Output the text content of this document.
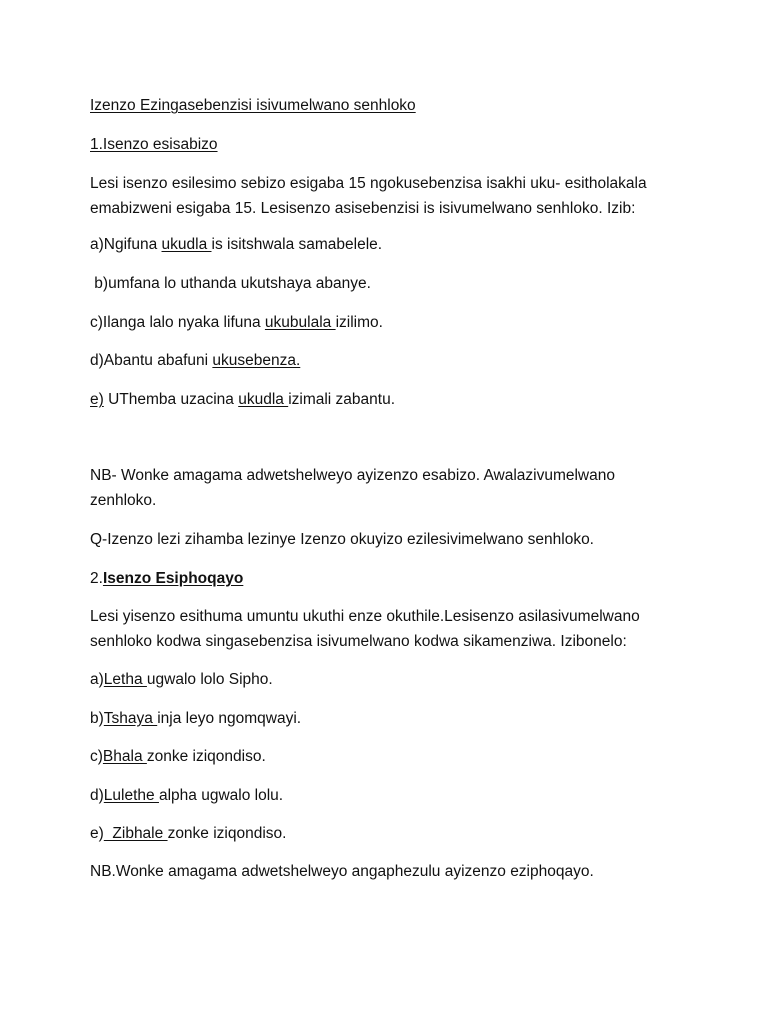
Izenzo Ezingasebenzisi isivumelwano senhloko

1.Isenzo esisabizo

Lesi isenzo esilesimo sebizo esigaba 15 ngokusebenzisa isakhi uku- esitholakala

emabizweni esigaba 15. Lesisenzo asisebenzisi is isivumelwano senhloko. Izib:

a)Ngifuna ukudla is isitshwala samabelele.

b)umfana lo uthanda ukutshaya abanye.

c)Ilanga lalo nyaka lifuna ukubulala izilimo.

d)Abantu abafuni ukusebenza.

e) UThemba uzacina ukudla izimali zabantu.

NB- Wonke amagama adwetshelweyo ayizenzo esabizo. Awalazivumelwano

zenhloko.

Q-Izenzo lezi zihamba lezinye Izenzo okuyizo ezilesivimelwano senhloko.

2.Isenzo Esiphoqayo

Lesi yisenzo esithuma umuntu ukuthi enze okuthile.Lesisenzo asilasivumelwano

senhloko kodwa singasebenzisa isivumelwano kodwa sikamenziwa. Izibonelo:

a)Letha ugwalo lolo Sipho.

b)Tshaya inja leyo ngomqwayi.

c)Bhala zonke iziqondiso.

d)Lulethe alpha ugwalo lolu.

e)  Zibhale zonke iziqondiso.

NB.Wonke amagama adwetshelweyo angaphezulu ayizenzo eziphoqayo.
